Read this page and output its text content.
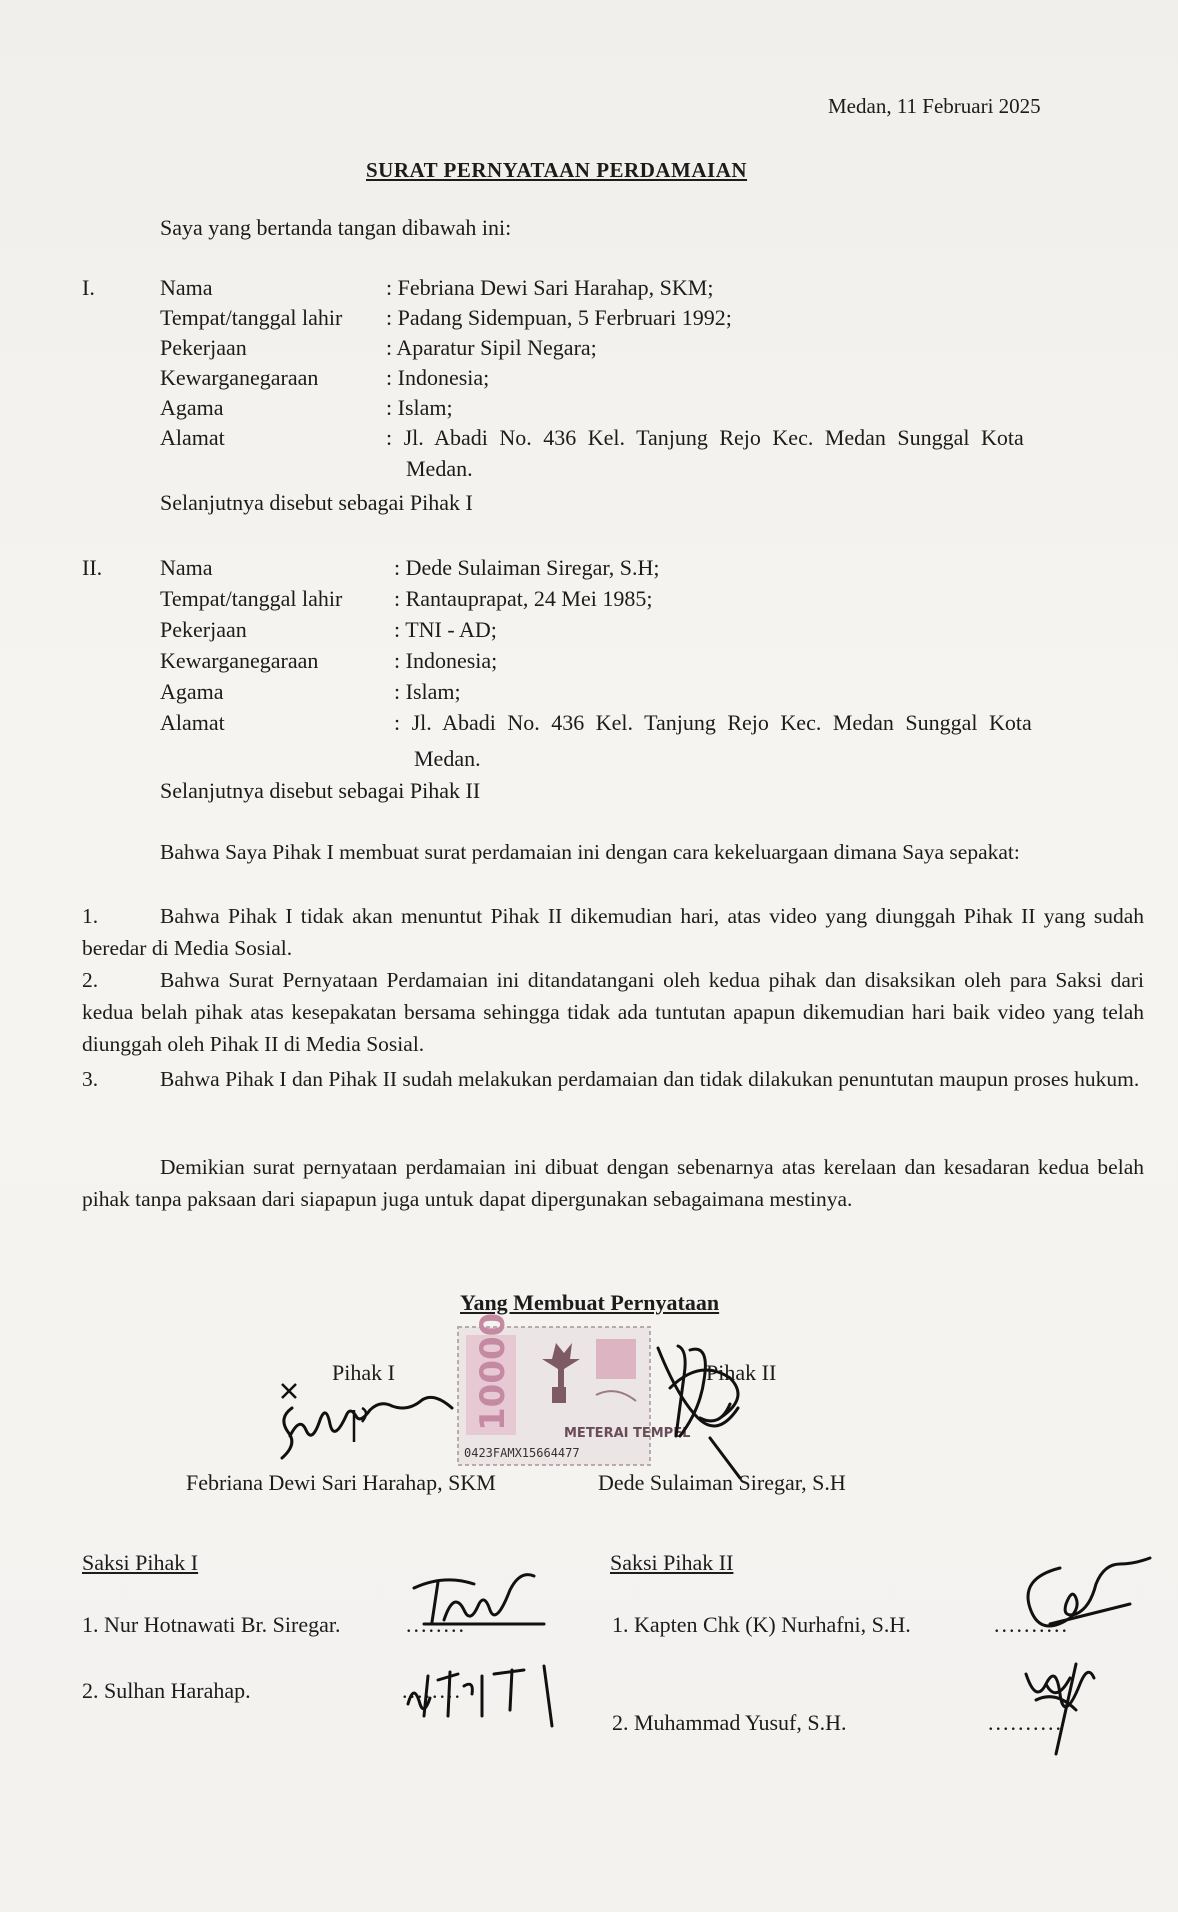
Medan, 11 Februari 2025
SURAT PERNYATAAN PERDAMAIAN
Saya yang bertanda tangan dibawah ini:
I.	Nama	: Febriana Dewi Sari Harahap, SKM;
Tempat/tanggal lahir : Padang Sidempuan, 5 Ferbruari 1992;
Pekerjaan	: Aparatur Sipil Negara;
Kewarganegaraan	: Indonesia;
Agama	: Islam;
Alamat	: Jl. Abadi No. 436 Kel. Tanjung Rejo Kec. Medan Sunggal Kota
Medan.
Selanjutnya disebut sebagai Pihak I
II.	Nama	: Dede Sulaiman Siregar, S.H;
Tempat/tanggal lahir : Rantauprapat, 24 Mei 1985;
Pekerjaan	: TNI - AD;
Kewarganegaraan	: Indonesia;
Agama	: Islam;
Alamat	: Jl. Abadi No. 436 Kel. Tanjung Rejo Kec. Medan Sunggal Kota
Medan.
Selanjutnya disebut sebagai Pihak II
Bahwa Saya Pihak I membuat surat perdamaian ini dengan cara kekeluargaan dimana Saya sepakat:
1.	Bahwa Pihak I tidak akan menuntut Pihak II dikemudian hari, atas video yang diunggah Pihak II yang sudah beredar di Media Sosial.
2.	Bahwa Surat Pernyataan Perdamaian ini ditandatangani oleh kedua pihak dan disaksikan oleh para Saksi dari kedua belah pihak atas kesepakatan bersama sehingga tidak ada tuntutan apapun dikemudian hari baik video yang telah diunggah oleh Pihak II di Media Sosial.
3.	Bahwa Pihak I dan Pihak II sudah melakukan perdamaian dan tidak dilakukan penuntutan maupun proses hukum.
Demikian surat pernyataan perdamaian ini dibuat dengan sebenarnya atas kerelaan dan kesadaran kedua belah pihak tanpa paksaan dari siapapun juga untuk dapat dipergunakan sebagaimana mestinya.
Yang Membuat Pernyataan
Pihak I	Pihak II
10000
METERAI TEMPEL
0423FAMX15664477
Febriana Dewi Sari Harahap, SKM	Dede Sulaiman Siregar, S.H
Saksi Pihak I	Saksi Pihak II
1. Nur Hotnawati Br. Siregar.	........
2. Sulhan Harahap.	........
1. Kapten Chk (K) Nurhafni, S.H.	..........
2. Muhammad Yusuf, S.H.	..........
